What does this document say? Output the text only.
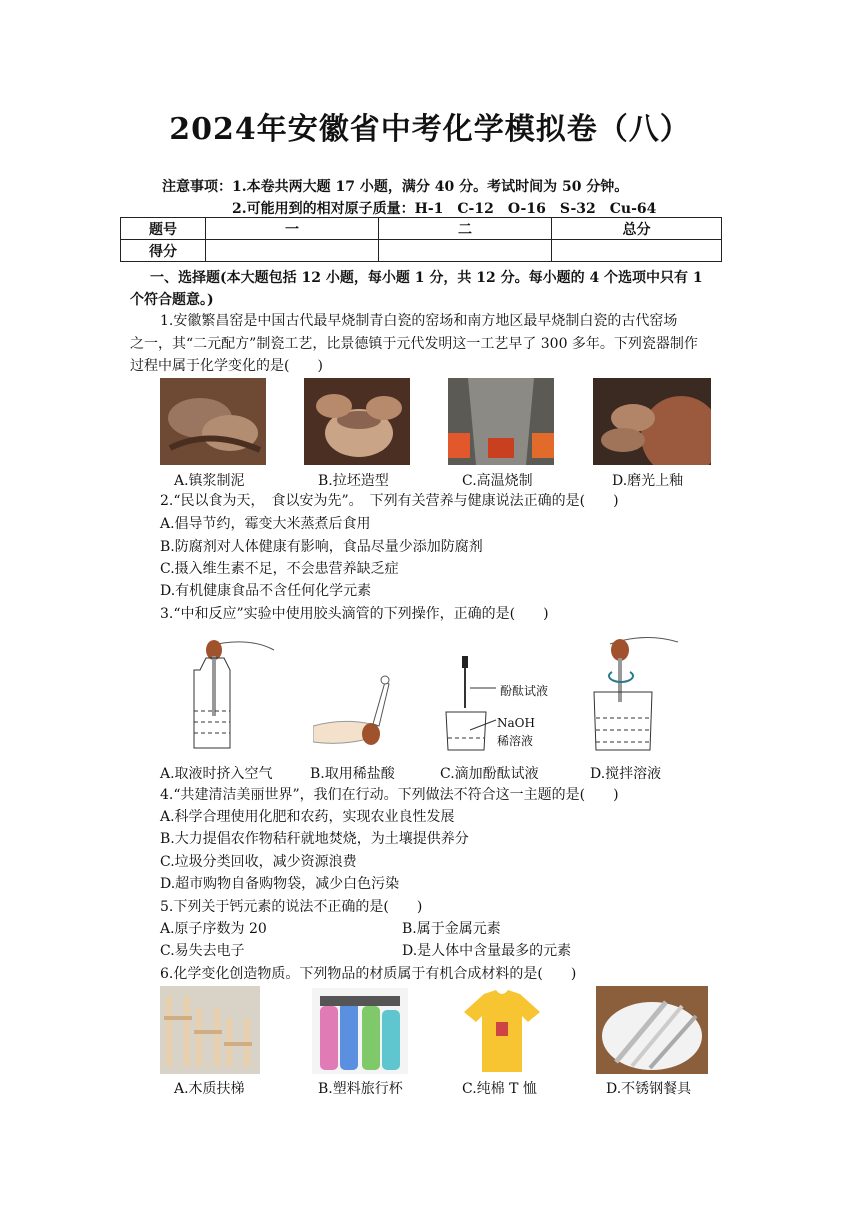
2024年安徽省中考化学模拟卷（八）
注意事项：1.本卷共两大题 17 小题，满分 40 分。考试时间为 50 分钟。
2.可能用到的相对原子质量：H-1　C-12　O-16　S-32　Cu-64
题号	一	二	总分
得分			
一、选择题(本大题包括 12 小题，每小题 1 分，共 12 分。每小题的 4 个选项中只有 1
个符合题意。)
1.安徽繁昌窑是中国古代最早烧制青白瓷的窑场和南方地区最早烧制白瓷的古代窑场
之一，其“二元配方”制瓷工艺，比景德镇于元代发明这一工艺早了 300 多年。下列瓷器制作
过程中属于化学变化的是(　　)
A.镇浆制泥	B.拉坯造型	C.高温烧制	D.磨光上釉
2.“民以食为天，　食以安为先”。　下列有关营养与健康说法正确的是(　　)
A.倡导节约，霉变大米蒸煮后食用
B.防腐剂对人体健康有影响，食品尽量少添加防腐剂
C.摄入维生素不足，不会患营养缺乏症
D.有机健康食品不含任何化学元素
3.“中和反应”实验中使用胶头滴管的下列操作，正确的是(　　)
酚酞试液
NaOH
稀溶液
A.取液时挤入空气	B.取用稀盐酸	C.滴加酚酞试液	D.搅拌溶液
4.“共建清洁美丽世界”，我们在行动。下列做法不符合这一主题的是(　　)
A.科学合理使用化肥和农药，实现农业良性发展
B.大力提倡农作物秸秆就地焚烧，为土壤提供养分
C.垃圾分类回收，减少资源浪费
D.超市购物自备购物袋，减少白色污染
5.下列关于钙元素的说法不正确的是(　　)
A.原子序数为 20	B.属于金属元素
C.易失去电子	D.是人体中含量最多的元素
6.化学变化创造物质。下列物品的材质属于有机合成材料的是(　　)
A.木质扶梯	B.塑料旅行杯	C.纯棉 T 恤	D.不锈钢餐具
